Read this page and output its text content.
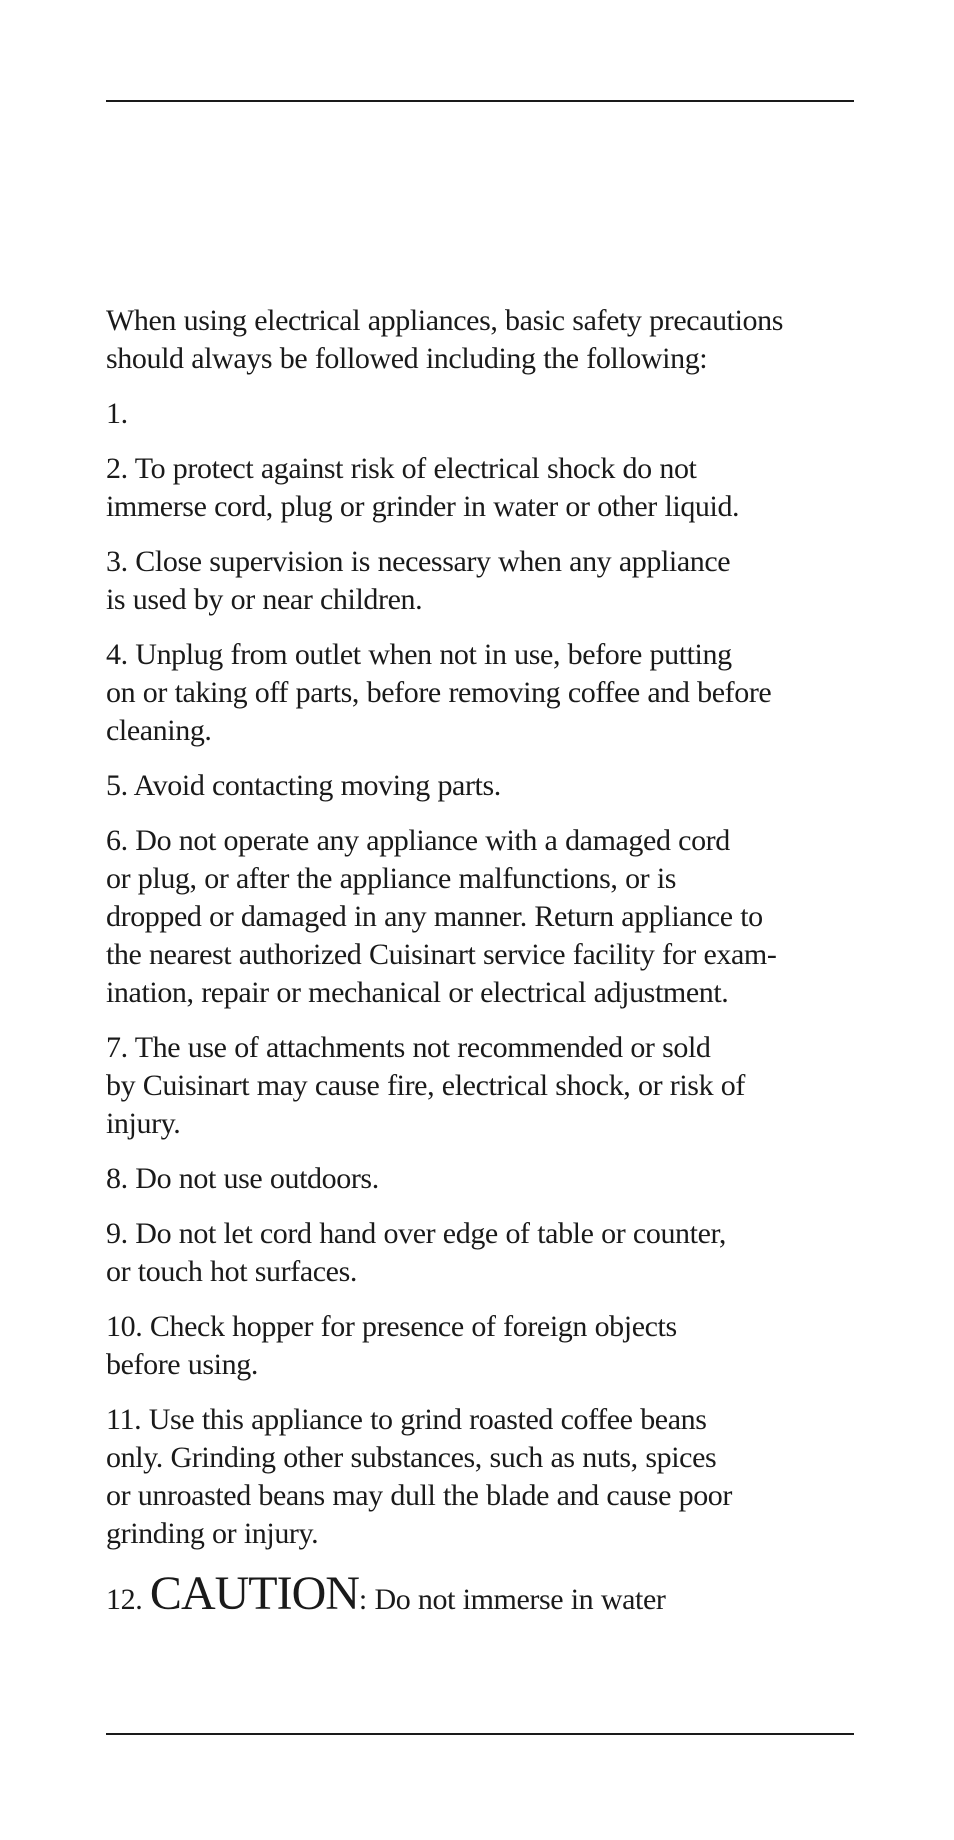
When using electrical appliances, basic safety precautions
should always be followed including the following:

1.

2. To protect against risk of electrical shock do not
immerse cord, plug or grinder in water or other liquid.

3. Close supervision is necessary when any appliance
is used by or near children.

4. Unplug from outlet when not in use, before putting
on or taking off parts, before removing coffee and before
cleaning.

5. Avoid contacting moving parts.

6. Do not operate any appliance with a damaged cord
or plug, or after the appliance malfunctions, or is
dropped or damaged in any manner. Return appliance to
the nearest authorized Cuisinart service facility for exam-
ination, repair or mechanical or electrical adjustment.

7. The use of attachments not recommended or sold
by Cuisinart may cause fire, electrical shock, or risk of
injury.

8. Do not use outdoors.

9. Do not let cord hand over edge of table or counter,
or touch hot surfaces.

10. Check hopper for presence of foreign objects
before using.

11. Use this appliance to grind roasted coffee beans
only. Grinding other substances, such as nuts, spices
or unroasted beans may dull the blade and cause poor
grinding or injury.

12. CAUTION: Do not immerse in water
